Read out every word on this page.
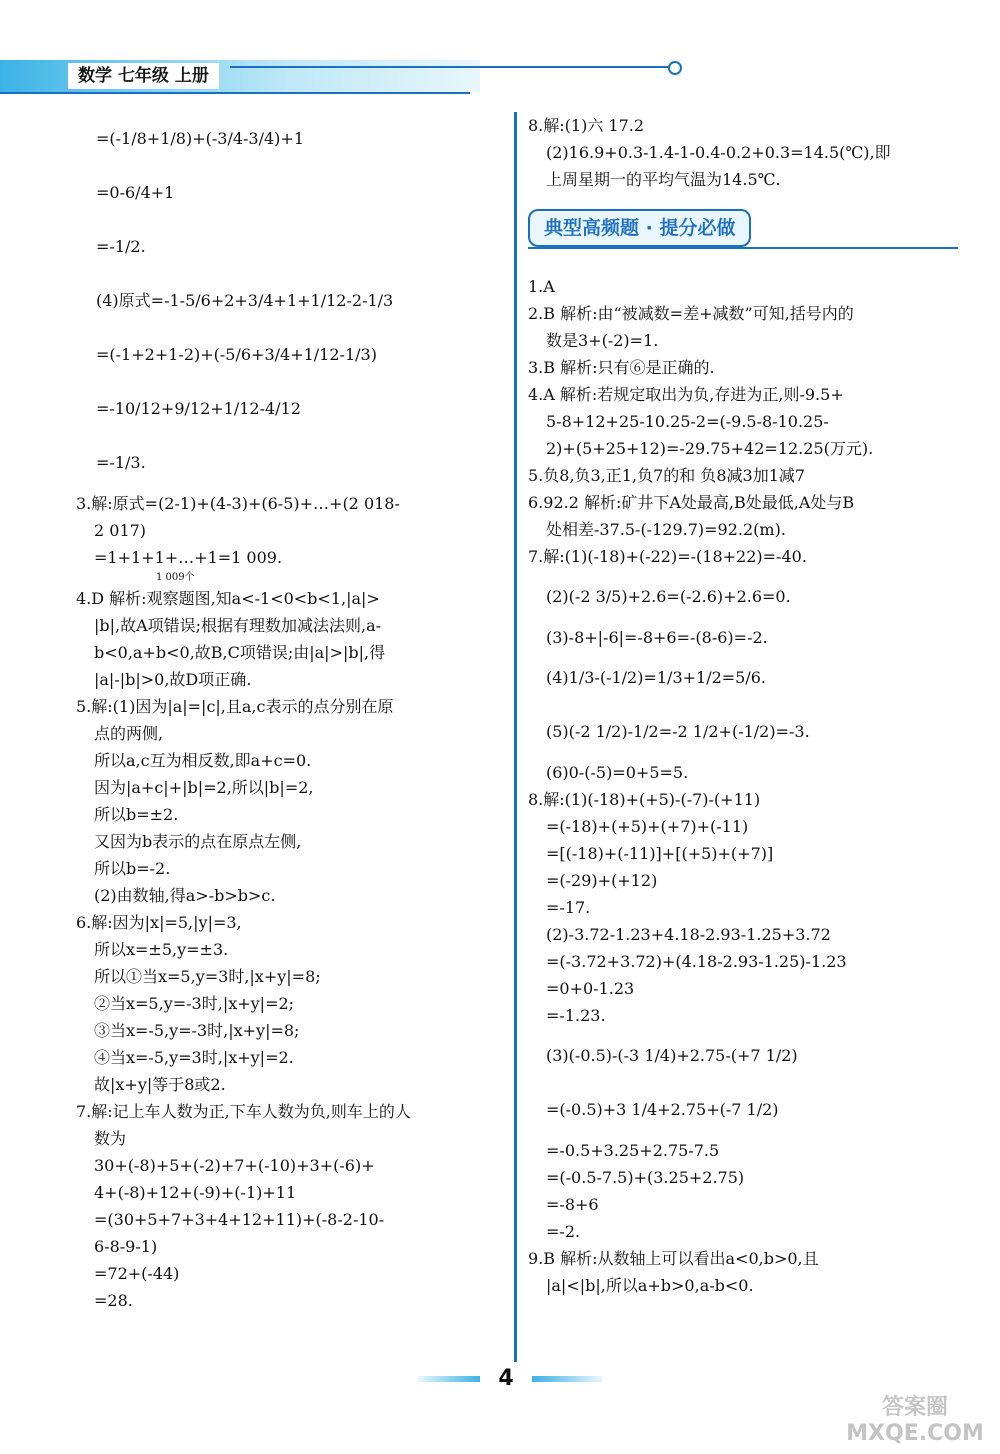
数学 七年级 上册
=(-1/8+1/8)+(-3/4-3/4)+1
=0-6/4+1
=-1/2.
(4)原式=-1-5/6+2+3/4+1+1/12-2-1/3
=(-1+2+1-2)+(-5/6+3/4+1/12-1/3)
=-10/12+9/12+1/12-4/12
=-1/3.
3.解:原式=(2-1)+(4-3)+(6-5)+…+(2 018-
2 017)
=1+1+1+…+1=1 009.
1 009个
4.D 解析:观察题图,知a<-1<0<b<1,|a|>
|b|,故A项错误;根据有理数加减法法则,a-
b<0,a+b<0,故B,C项错误;由|a|>|b|,得
|a|-|b|>0,故D项正确.
5.解:(1)因为|a|=|c|,且a,c表示的点分别在原
点的两侧,
所以a,c互为相反数,即a+c=0.
因为|a+c|+|b|=2,所以|b|=2,
所以b=±2.
又因为b表示的点在原点左侧,
所以b=-2.
(2)由数轴,得a>-b>b>c.
6.解:因为|x|=5,|y|=3,
所以x=±5,y=±3.
所以①当x=5,y=3时,|x+y|=8;
②当x=5,y=-3时,|x+y|=2;
③当x=-5,y=-3时,|x+y|=8;
④当x=-5,y=3时,|x+y|=2.
故|x+y|等于8或2.
7.解:记上车人数为正,下车人数为负,则车上的人
数为
30+(-8)+5+(-2)+7+(-10)+3+(-6)+
4+(-8)+12+(-9)+(-1)+11
=(30+5+7+3+4+12+11)+(-8-2-10-
6-8-9-1)
=72+(-44)
=28.
8.解:(1)六 17.2
(2)16.9+0.3-1.4-1-0.4-0.2+0.3=14.5(℃),即
上周星期一的平均气温为14.5℃.
典型高频题 · 提分必做
1.A
2.B 解析:由“被减数=差+减数”可知,括号内的
数是3+(-2)=1.
3.B 解析:只有⑥是正确的.
4.A 解析:若规定取出为负,存进为正,则-9.5+
5-8+12+25-10.25-2=(-9.5-8-10.25-
2)+(5+25+12)=-29.75+42=12.25(万元).
5.负8,负3,正1,负7的和 负8减3加1减7
6.92.2 解析:矿井下A处最高,B处最低,A处与B
处相差-37.5-(-129.7)=92.2(m).
7.解:(1)(-18)+(-22)=-(18+22)=-40.
(2)(-2 3/5)+2.6=(-2.6)+2.6=0.
(3)-8+|-6|=-8+6=-(8-6)=-2.
(4)1/3-(-1/2)=1/3+1/2=5/6.
(5)(-2 1/2)-1/2=-2 1/2+(-1/2)=-3.
(6)0-(-5)=0+5=5.
8.解:(1)(-18)+(+5)-(-7)-(+11)
=(-18)+(+5)+(+7)+(-11)
=[(-18)+(-11)]+[(+5)+(+7)]
=(-29)+(+12)
=-17.
(2)-3.72-1.23+4.18-2.93-1.25+3.72
=(-3.72+3.72)+(4.18-2.93-1.25)-1.23
=0+0-1.23
=-1.23.
(3)(-0.5)-(-3 1/4)+2.75-(+7 1/2)
=(-0.5)+3 1/4+2.75+(-7 1/2)
=-0.5+3.25+2.75-7.5
=(-0.5-7.5)+(3.25+2.75)
=-8+6
=-2.
9.B 解析:从数轴上可以看出a<0,b>0,且
|a|<|b|,所以a+b>0,a-b<0.
4
答案圈
MXQE.COM
